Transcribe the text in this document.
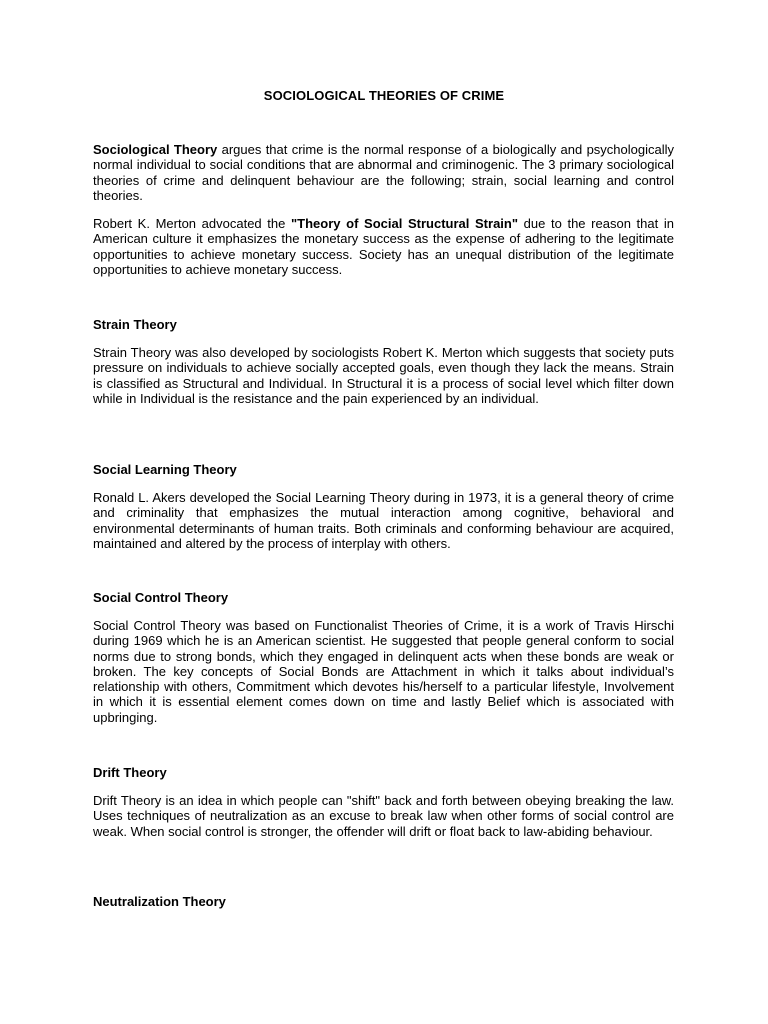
SOCIOLOGICAL THEORIES OF CRIME

Sociological Theory argues that crime is the normal response of a biologically and psychologically normal individual to social conditions that are abnormal and criminogenic. The 3 primary sociological theories of crime and delinquent behaviour are the following; strain, social learning and control theories.

Robert K. Merton advocated the "Theory of Social Structural Strain" due to the reason that in American culture it emphasizes the monetary success as the expense of adhering to the legitimate opportunities to achieve monetary success. Society has an unequal distribution of the legitimate opportunities to achieve monetary success.

Strain Theory

Strain Theory was also developed by sociologists Robert K. Merton which suggests that society puts pressure on individuals to achieve socially accepted goals, even though they lack the means. Strain is classified as Structural and Individual. In Structural it is a process of social level which filter down while in Individual is the resistance and the pain experienced by an individual.

Social Learning Theory

Ronald L. Akers developed the Social Learning Theory during in 1973, it is a general theory of crime and criminality that emphasizes the mutual interaction among cognitive, behavioral and environmental determinants of human traits. Both criminals and conforming behaviour are acquired, maintained and altered by the process of interplay with others.

Social Control Theory

Social Control Theory was based on Functionalist Theories of Crime, it is a work of Travis Hirschi during 1969 which he is an American scientist. He suggested that people general conform to social norms due to strong bonds, which they engaged in delinquent acts when these bonds are weak or broken. The key concepts of Social Bonds are Attachment in which it talks about individual’s relationship with others, Commitment which devotes his/herself to a particular lifestyle, Involvement in which it is essential element comes down on time and lastly Belief which is associated with upbringing.

Drift Theory

Drift Theory is an idea in which people can "shift" back and forth between obeying breaking the law. Uses techniques of neutralization as an excuse to break law when other forms of social control are weak. When social control is stronger, the offender will drift or float back to law-abiding behaviour.

Neutralization Theory
